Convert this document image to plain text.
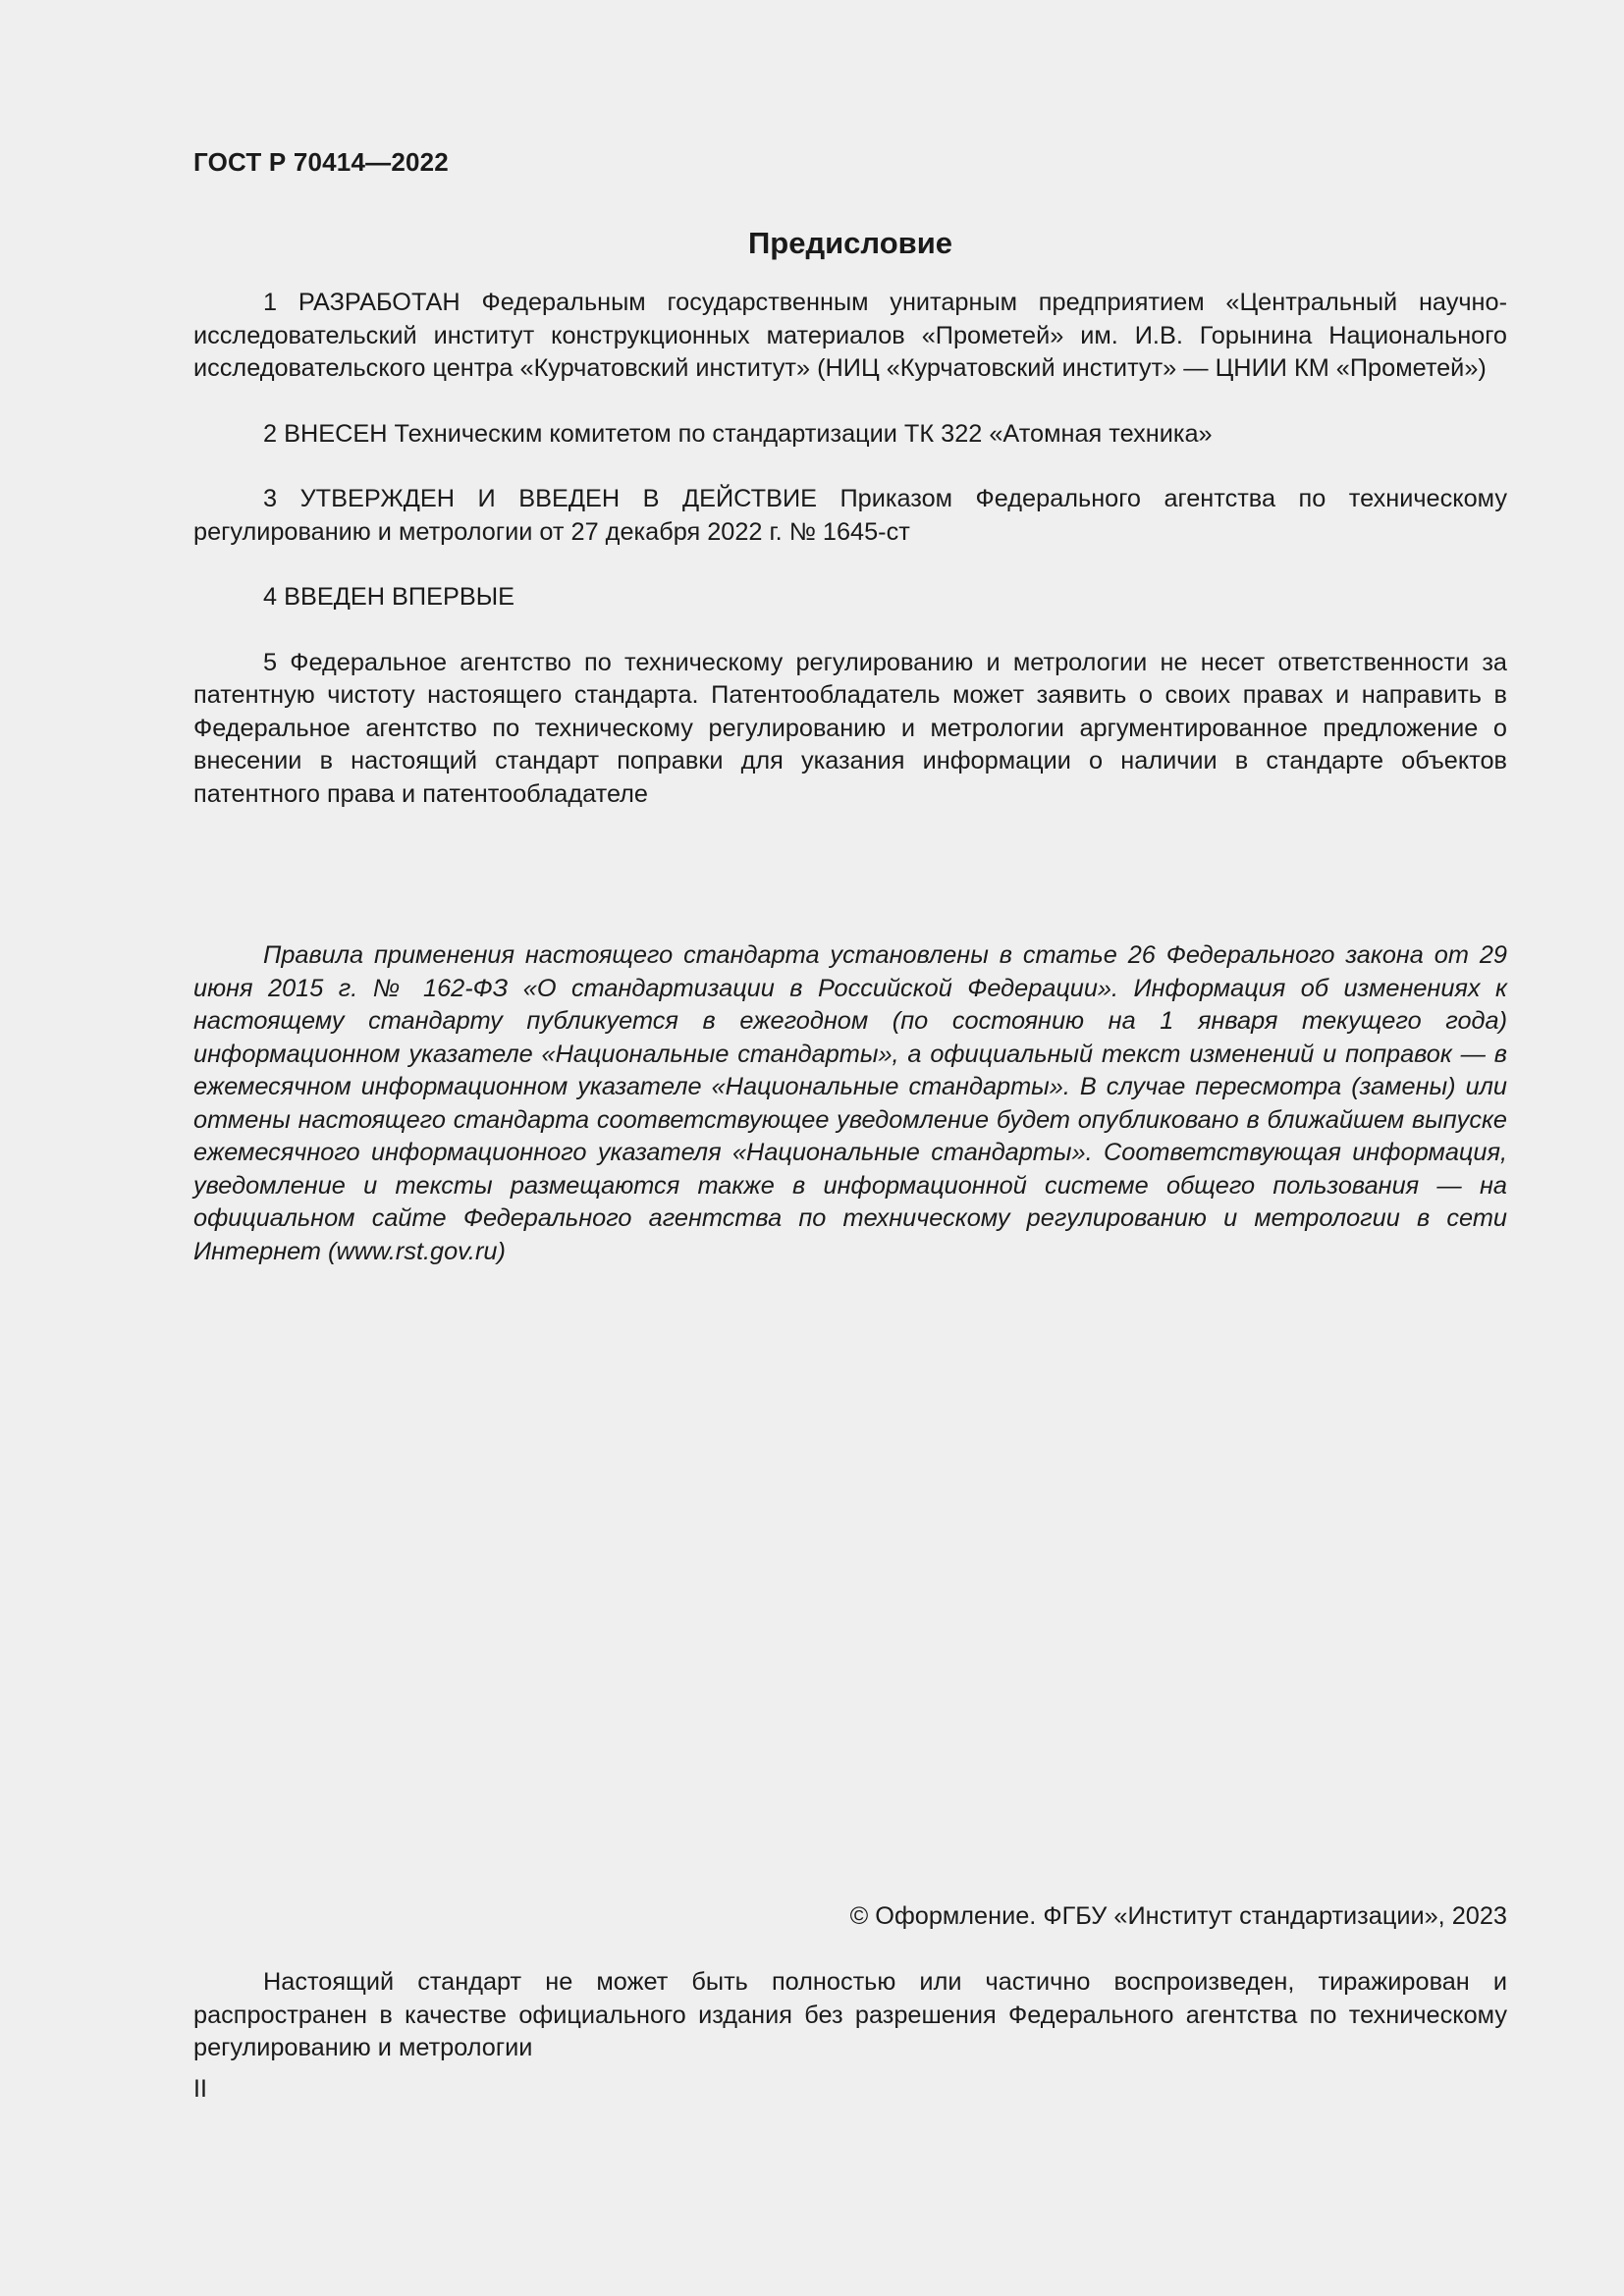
ГОСТ Р 70414—2022
Предисловие

1 РАЗРАБОТАН Федеральным государственным унитарным предприятием «Центральный научно-исследовательский институт конструкционных материалов «Прометей» им. И.В. Горынина Национального исследовательского центра «Курчатовский институт» (НИЦ «Курчатовский институт» — ЦНИИ КМ «Прометей»)

2 ВНЕСЕН Техническим комитетом по стандартизации ТК 322 «Атомная техника»

3 УТВЕРЖДЕН И ВВЕДЕН В ДЕЙСТВИЕ Приказом Федерального агентства по техническому регулированию и метрологии от 27 декабря 2022 г. № 1645-ст

4 ВВЕДЕН ВПЕРВЫЕ

5 Федеральное агентство по техническому регулированию и метрологии не несет ответственности за патентную чистоту настоящего стандарта. Патентообладатель может заявить о своих правах и направить в Федеральное агентство по техническому регулированию и метрологии аргументированное предложение о внесении в настоящий стандарт поправки для указания информации о наличии в стандарте объектов патентного права и патентообладателе

Правила применения настоящего стандарта установлены в статье 26 Федерального закона от 29 июня 2015 г. № 162-ФЗ «О стандартизации в Российской Федерации». Информация об изменениях к настоящему стандарту публикуется в ежегодном (по состоянию на 1 января текущего года) информационном указателе «Национальные стандарты», а официальный текст изменений и поправок — в ежемесячном информационном указателе «Национальные стандарты». В случае пересмотра (замены) или отмены настоящего стандарта соответствующее уведомление будет опубликовано в ближайшем выпуске ежемесячного информационного указателя «Национальные стандарты». Соответствующая информация, уведомление и тексты размещаются также в информационной системе общего пользования — на официальном сайте Федерального агентства по техническому регулированию и метрологии в сети Интернет (www.rst.gov.ru)

© Оформление. ФГБУ «Институт стандартизации», 2023

Настоящий стандарт не может быть полностью или частично воспроизведен, тиражирован и распространен в качестве официального издания без разрешения Федерального агентства по техническому регулированию и метрологии

II
